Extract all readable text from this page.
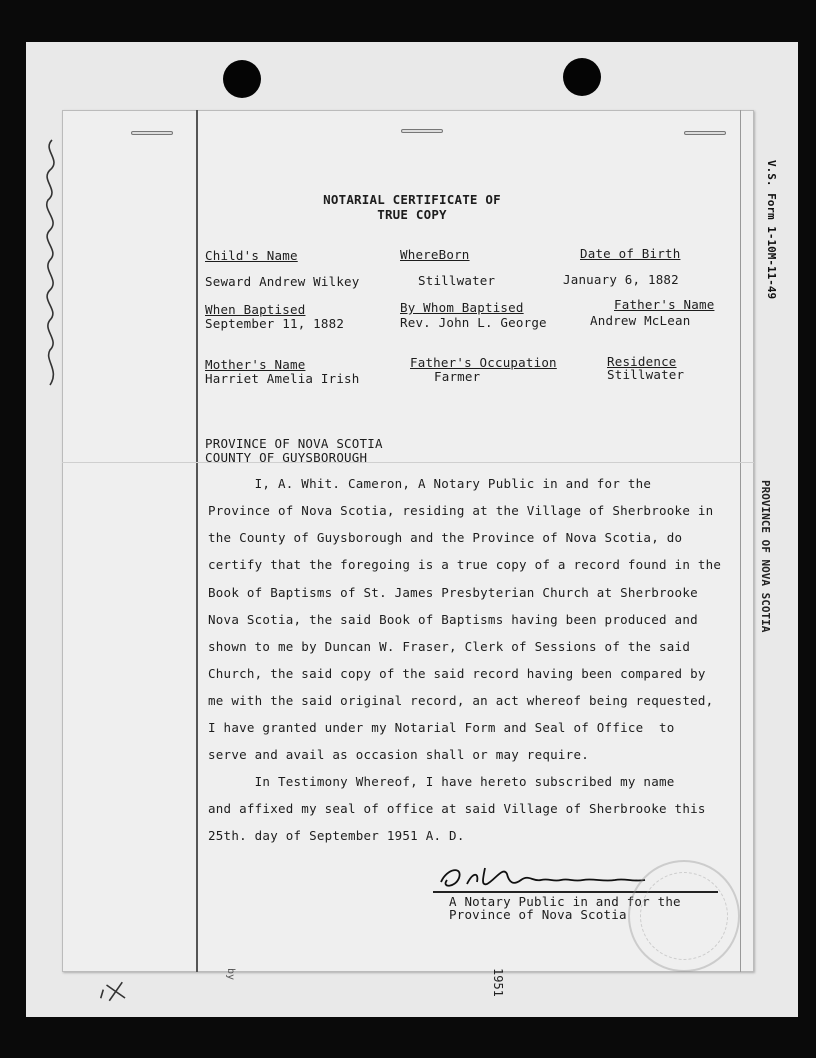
NOTARIAL CERTIFICATE OF
TRUE COPY
Child's Name	WhereBorn	Date of Birth
Seward Andrew Wilkey	Stillwater	January 6, 1882
When Baptised	By Whom Baptised	Father's Name
September 11, 1882	Rev. John L. George	Andrew McLean
Mother's Name	Father's Occupation	Residence
Harriet Amelia Irish	Farmer	Stillwater
PROVINCE OF NOVA SCOTIA
COUNTY OF GUYSBOROUGH
I, A. Whit. Cameron, A Notary Public in and for the
Province of Nova Scotia, residing at the Village of Sherbrooke in
the County of Guysborough and the Province of Nova Scotia, do
certify that the foregoing is a true copy of a record found in the
Book of Baptisms of St. James Presbyterian Church at Sherbrooke
Nova Scotia, the said Book of Baptisms having been produced and
shown to me by Duncan W. Fraser, Clerk of Sessions of the said
Church, the said copy of the said record having been compared by
me with the said original record, an act whereof being requested,
I have granted under my Notarial Form and Seal of Office  to
serve and avail as occasion shall or may require.
In Testimony Whereof, I have hereto subscribed my name
and affixed my seal of office at said Village of Sherbrooke this
25th. day of September 1951 A. D.
A Notary Public in and for the
Province of Nova Scotia
V.S. Form 1-10M-11-49
PROVINCE OF NOVA SCOTIA
1951
by
